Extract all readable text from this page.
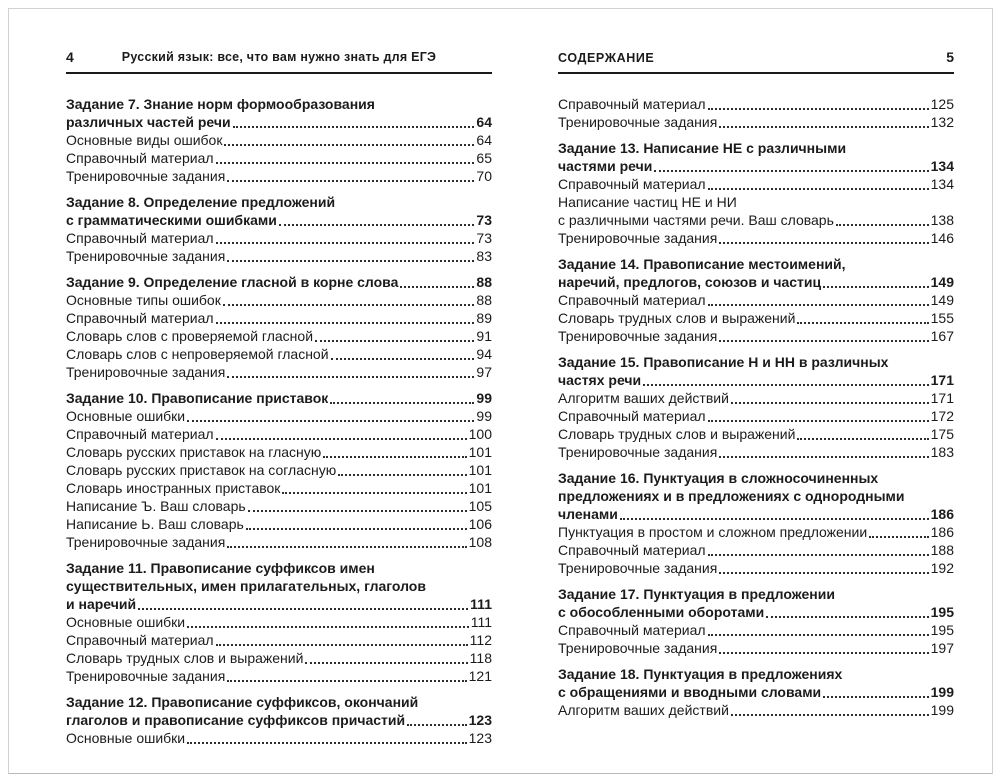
4	Русский язык: все, что вам нужно знать для ЕГЭ
Задание 7. Знание норм формообразования
различных частей речи	64
Основные виды ошибок	64
Справочный материал	65
Тренировочные задания	70
Задание 8. Определение предложений
с грамматическими ошибками	73
Справочный материал	73
Тренировочные задания	83
Задание 9. Определение гласной в корне слова	88
Основные типы ошибок	88
Справочный материал	89
Словарь слов с проверяемой гласной	91
Словарь слов с непроверяемой гласной	94
Тренировочные задания	97
Задание 10. Правописание приставок	99
Основные ошибки	99
Справочный материал	100
Словарь русских приставок на гласную	101
Словарь русских приставок на согласную	101
Словарь иностранных приставок	101
Написание Ъ. Ваш словарь	105
Написание Ь. Ваш словарь	106
Тренировочные задания	108
Задание 11. Правописание суффиксов имен
существительных, имен прилагательных, глаголов
и наречий	111
Основные ошибки	111
Справочный материал	112
Словарь трудных слов и выражений	118
Тренировочные задания	121
Задание 12. Правописание суффиксов, окончаний
глаголов и правописание суффиксов причастий	123
Основные ошибки	123
СОДЕРЖАНИЕ	5
Справочный материал	125
Тренировочные задания	132
Задание 13. Написание НЕ с различными
частями речи	134
Справочный материал	134
Написание частиц НЕ и НИ
с различными частями речи. Ваш словарь	138
Тренировочные задания	146
Задание 14. Правописание местоимений,
наречий, предлогов, союзов и частиц	149
Справочный материал	149
Словарь трудных слов и выражений	155
Тренировочные задания	167
Задание 15. Правописание Н и НН в различных
частях речи	171
Алгоритм ваших действий	171
Справочный материал	172
Словарь трудных слов и выражений	175
Тренировочные задания	183
Задание 16. Пунктуация в сложносочиненных
предложениях и в предложениях с однородными
членами	186
Пунктуация в простом и сложном предложении	186
Справочный материал	188
Тренировочные задания	192
Задание 17. Пунктуация в предложении
с обособленными оборотами	195
Справочный материал	195
Тренировочные задания	197
Задание 18. Пунктуация в предложениях
с обращениями и вводными словами	199
Алгоритм ваших действий	199
